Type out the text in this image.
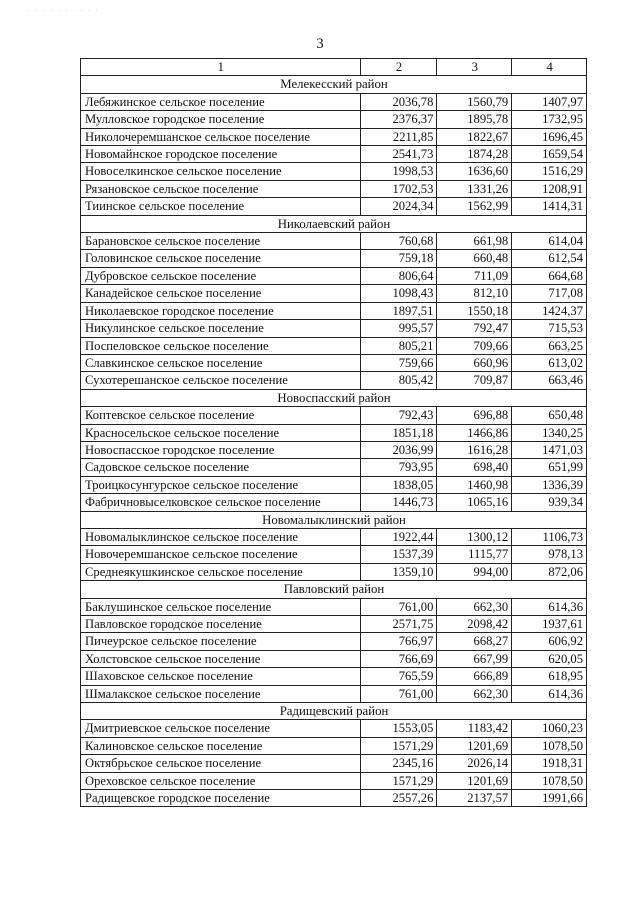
· · · · · · · · · ·
3
1	2	3	4
Мелекесский район			
Лебяжинское сельское поселение	2036,78	1560,79	1407,97
Мулловское городское поселение	2376,37	1895,78	1732,95
Николочеремшанское сельское поселение	2211,85	1822,67	1696,45
Новомайнское городское поселение	2541,73	1874,28	1659,54
Новоселкинское сельское поселение	1998,53	1636,60	1516,29
Рязановское сельское поселение	1702,53	1331,26	1208,91
Тиинское сельское поселение	2024,34	1562,99	1414,31
Николаевский район			
Барановское сельское поселение	760,68	661,98	614,04
Головинское сельское поселение	759,18	660,48	612,54
Дубровское сельское поселение	806,64	711,09	664,68
Канадейское сельское поселение	1098,43	812,10	717,08
Николаевское городское поселение	1897,51	1550,18	1424,37
Никулинское сельское поселение	995,57	792,47	715,53
Поспеловское сельское поселение	805,21	709,66	663,25
Славкинское сельское поселение	759,66	660,96	613,02
Сухотерешанское сельское поселение	805,42	709,87	663,46
Новоспасский район			
Коптевское сельское поселение	792,43	696,88	650,48
Красносельское сельское поселение	1851,18	1466,86	1340,25
Новоспасское городское поселение	2036,99	1616,28	1471,03
Садовское сельское поселение	793,95	698,40	651,99
Троицкосунгурское сельское поселение	1838,05	1460,98	1336,39
Фабричновыселковское сельское поселение	1446,73	1065,16	939,34
Новомалыклинский район			
Новомалыклинское сельское поселение	1922,44	1300,12	1106,73
Новочеремшанское сельское поселение	1537,39	1115,77	978,13
Среднеякушкинское сельское поселение	1359,10	994,00	872,06
Павловский район			
Баклушинское сельское поселение	761,00	662,30	614,36
Павловское городское поселение	2571,75	2098,42	1937,61
Пичеурское сельское поселение	766,97	668,27	606,92
Холстовское сельское поселение	766,69	667,99	620,05
Шаховское сельское поселение	765,59	666,89	618,95
Шмалакское сельское поселение	761,00	662,30	614,36
Радищевский район			
Дмитриевское сельское поселение	1553,05	1183,42	1060,23
Калиновское сельское поселение	1571,29	1201,69	1078,50
Октябрьское сельское поселение	2345,16	2026,14	1918,31
Ореховское сельское поселение	1571,29	1201,69	1078,50
Радищевское городское поселение	2557,26	2137,57	1991,66
